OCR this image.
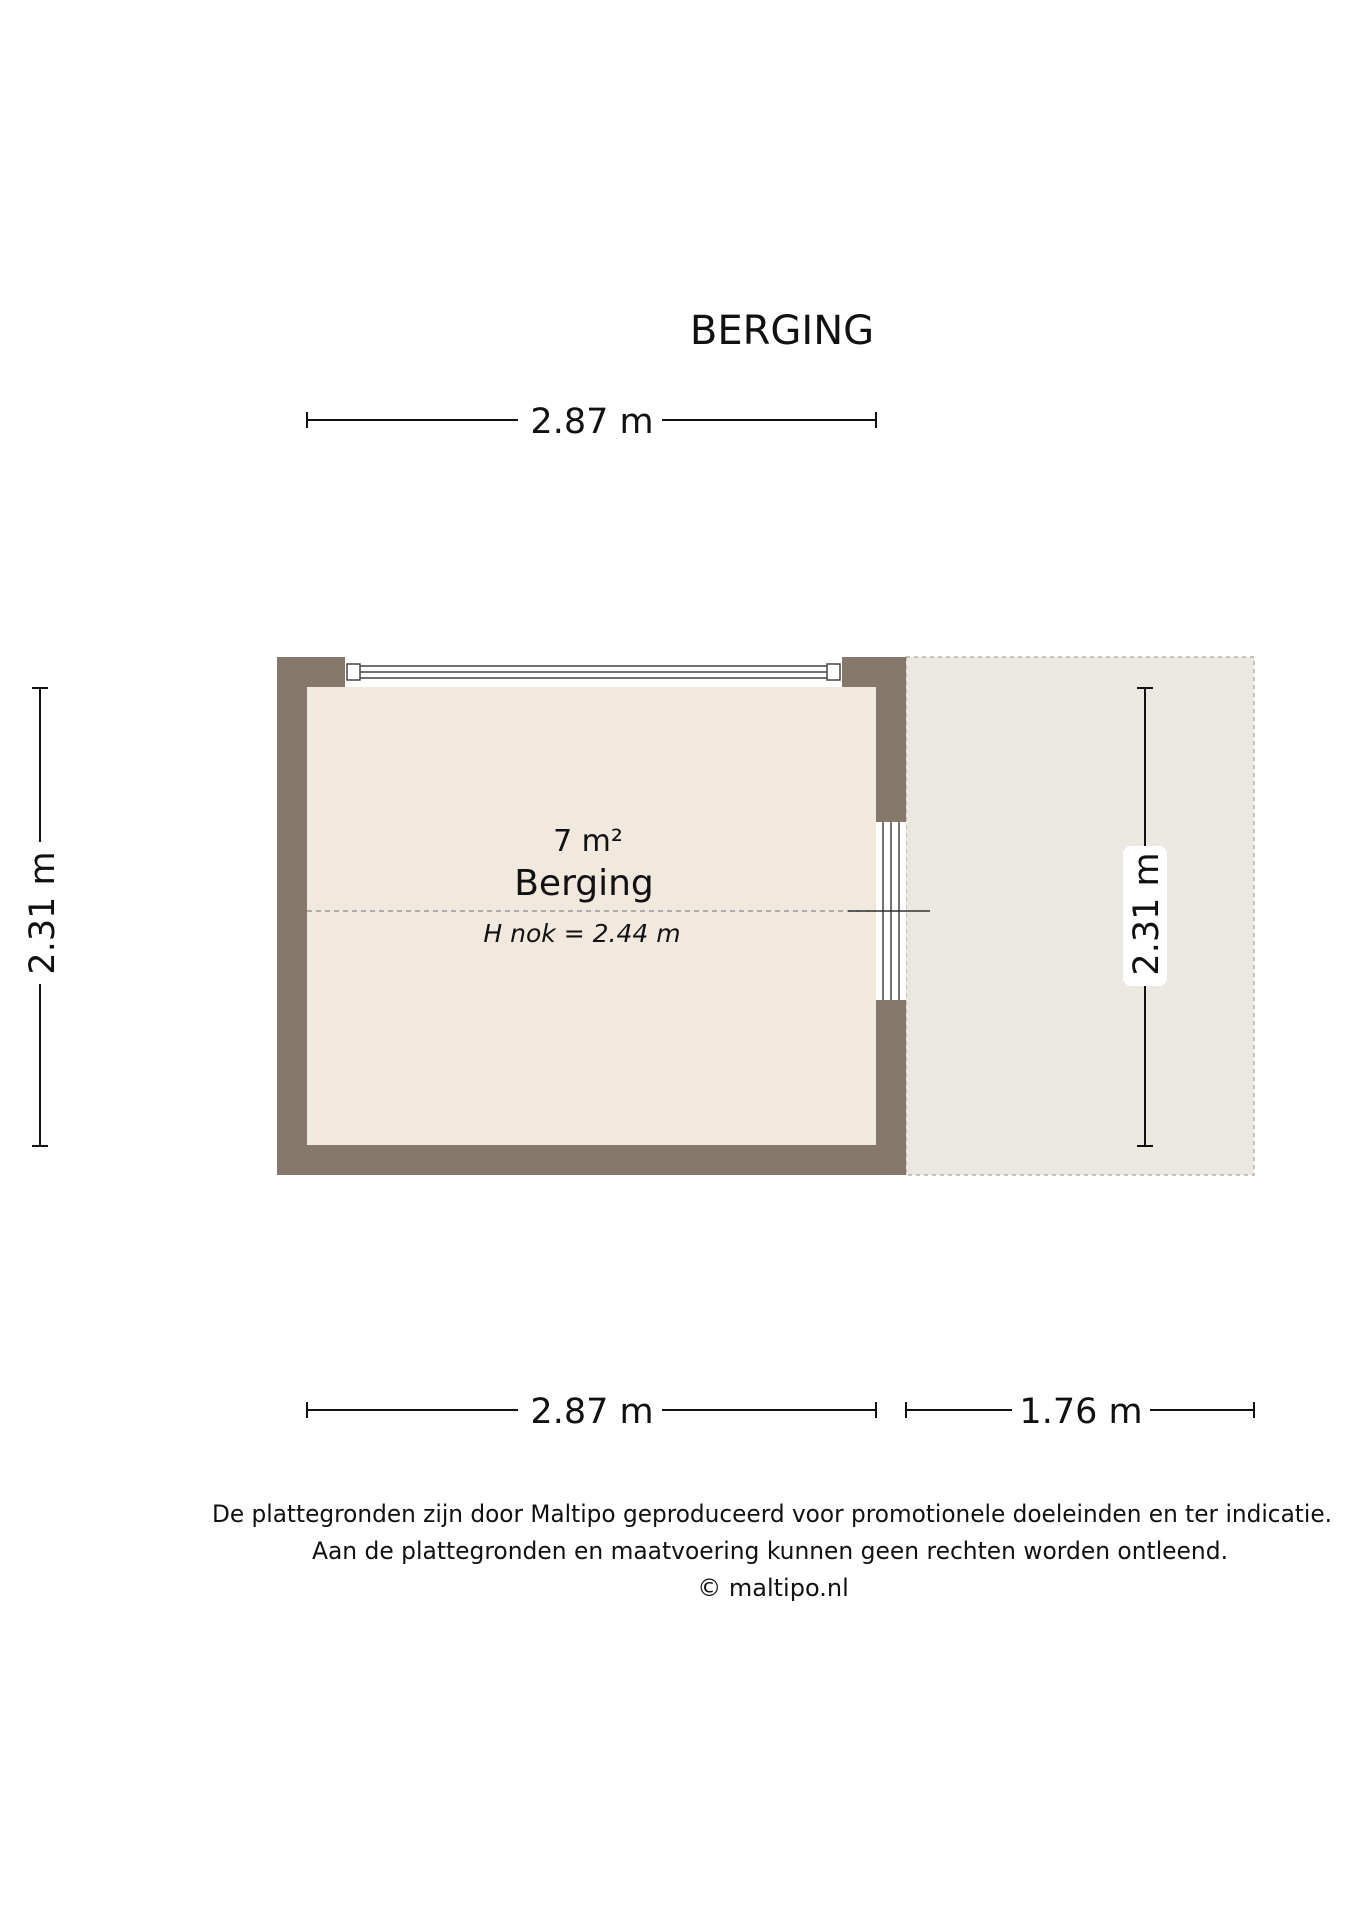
BERGING
2.87 m
7 m²
Berging
H nok = 2.44 m
2.31 m	2.31 m
2.87 m	1.76 m
De plattegronden zijn door Maltipo geproduceerd voor promotionele doeleinden en ter indicatie.
Aan de plattegronden en maatvoering kunnen geen rechten worden ontleend.
© maltipo.nl
